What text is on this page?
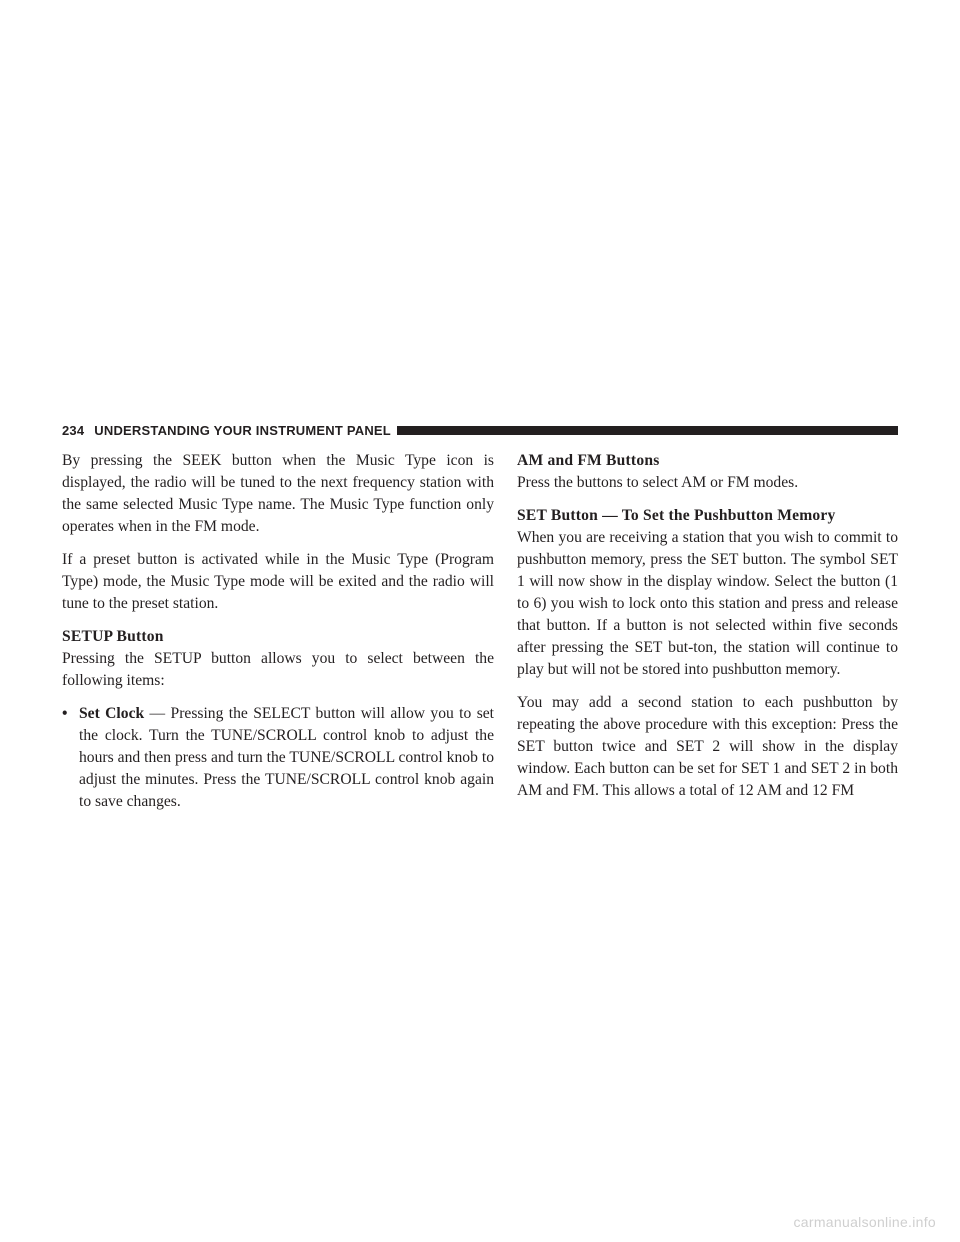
234 UNDERSTANDING YOUR INSTRUMENT PANEL

By pressing the SEEK button when the Music Type icon is displayed, the radio will be tuned to the next frequency station with the same selected Music Type name. The Music Type function only operates when in the FM mode.

If a preset button is activated while in the Music Type (Program Type) mode, the Music Type mode will be exited and the radio will tune to the preset station.

SETUP Button

Pressing the SETUP button allows you to select between the following items:

• Set Clock — Pressing the SELECT button will allow you to set the clock. Turn the TUNE/SCROLL control knob to adjust the hours and then press and turn the TUNE/SCROLL control knob to adjust the minutes. Press the TUNE/SCROLL control knob again to save changes.
AM and FM Buttons

Press the buttons to select AM or FM modes.

SET Button — To Set the Pushbutton Memory

When you are receiving a station that you wish to commit to pushbutton memory, press the SET button. The symbol SET 1 will now show in the display window. Select the button (1 to 6) you wish to lock onto this station and press and release that button. If a button is not selected within five seconds after pressing the SET but-ton, the station will continue to play but will not be stored into pushbutton memory.

You may add a second station to each pushbutton by repeating the above procedure with this exception: Press the SET button twice and SET 2 will show in the display window. Each button can be set for SET 1 and SET 2 in both AM and FM. This allows a total of 12 AM and 12 FM

carmanualsonline.info
